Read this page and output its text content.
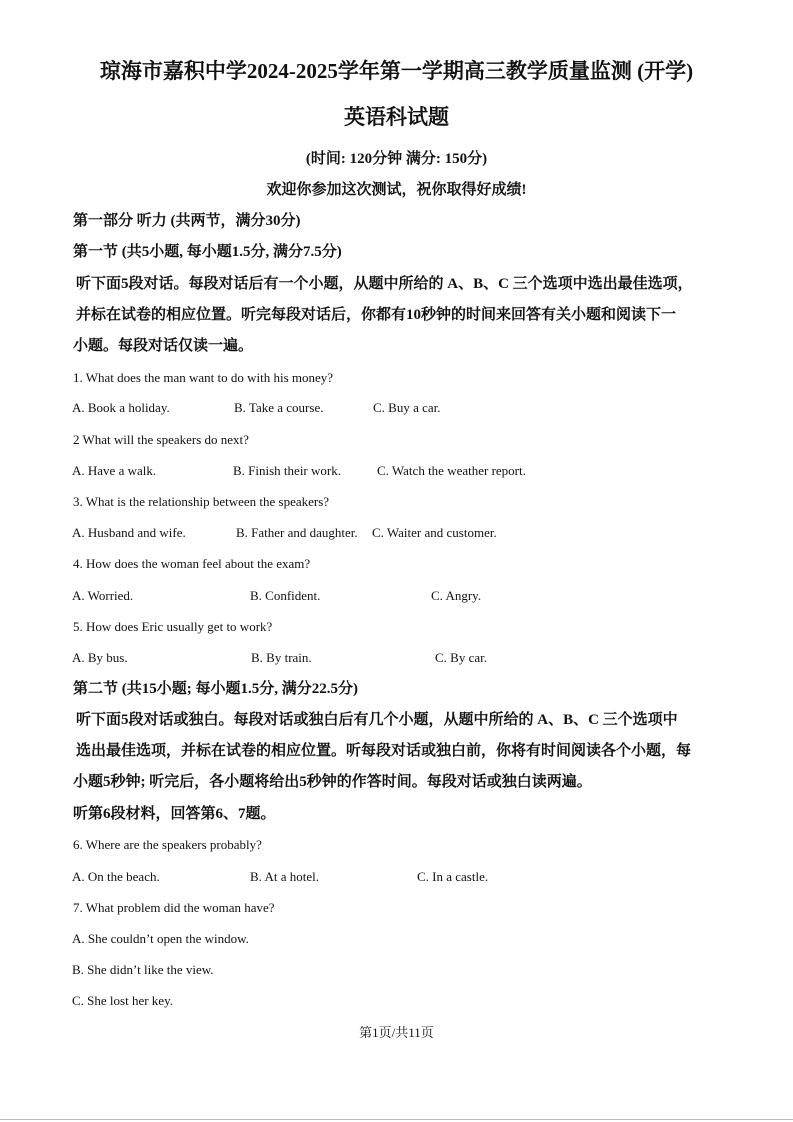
琼海市嘉积中学2024-2025学年第一学期高三教学质量监测 (开学)
英语科试题
(时间: 120分钟 满分: 150分)
欢迎你参加这次测试，祝你取得好成绩!
第一部分 听力 (共两节，满分30分)
第一节 (共5小题, 每小题1.5分, 满分7.5分)
听下面5段对话。每段对话后有一个小题，从题中所给的 A、B、C 三个选项中选出最佳选项，
并标在试卷的相应位置。听完每段对话后，你都有10秒钟的时间来回答有关小题和阅读下一
小题。每段对话仅读一遍。
1. What does the man want to do with his money?
A. Book a holiday.	B. Take a course.	C. Buy a car.
2 What will the speakers do next?
A. Have a walk.	B. Finish their work.	C. Watch the weather report.
3. What is the relationship between the speakers?
A. Husband and wife.	B. Father and daughter. C. Waiter and customer.
4. How does the woman feel about the exam?
A. Worried.	B. Confident.	C. Angry.
5. How does Eric usually get to work?
A. By bus.	B. By train.	C. By car.
第二节 (共15小题; 每小题1.5分, 满分22.5分)
听下面5段对话或独白。每段对话或独白后有几个小题，从题中所给的 A、B、C 三个选项中
选出最佳选项，并标在试卷的相应位置。听每段对话或独白前，你将有时间阅读各个小题，每
小题5秒钟; 听完后，各小题将给出5秒钟的作答时间。每段对话或独白读两遍。
听第6段材料，回答第6、7题。
6. Where are the speakers probably?
A. On the beach.	B. At a hotel.	C. In a castle.
7. What problem did the woman have?
A. She couldn’t open the window.
B. She didn’t like the view.
C. She lost her key.
第1页/共11页
